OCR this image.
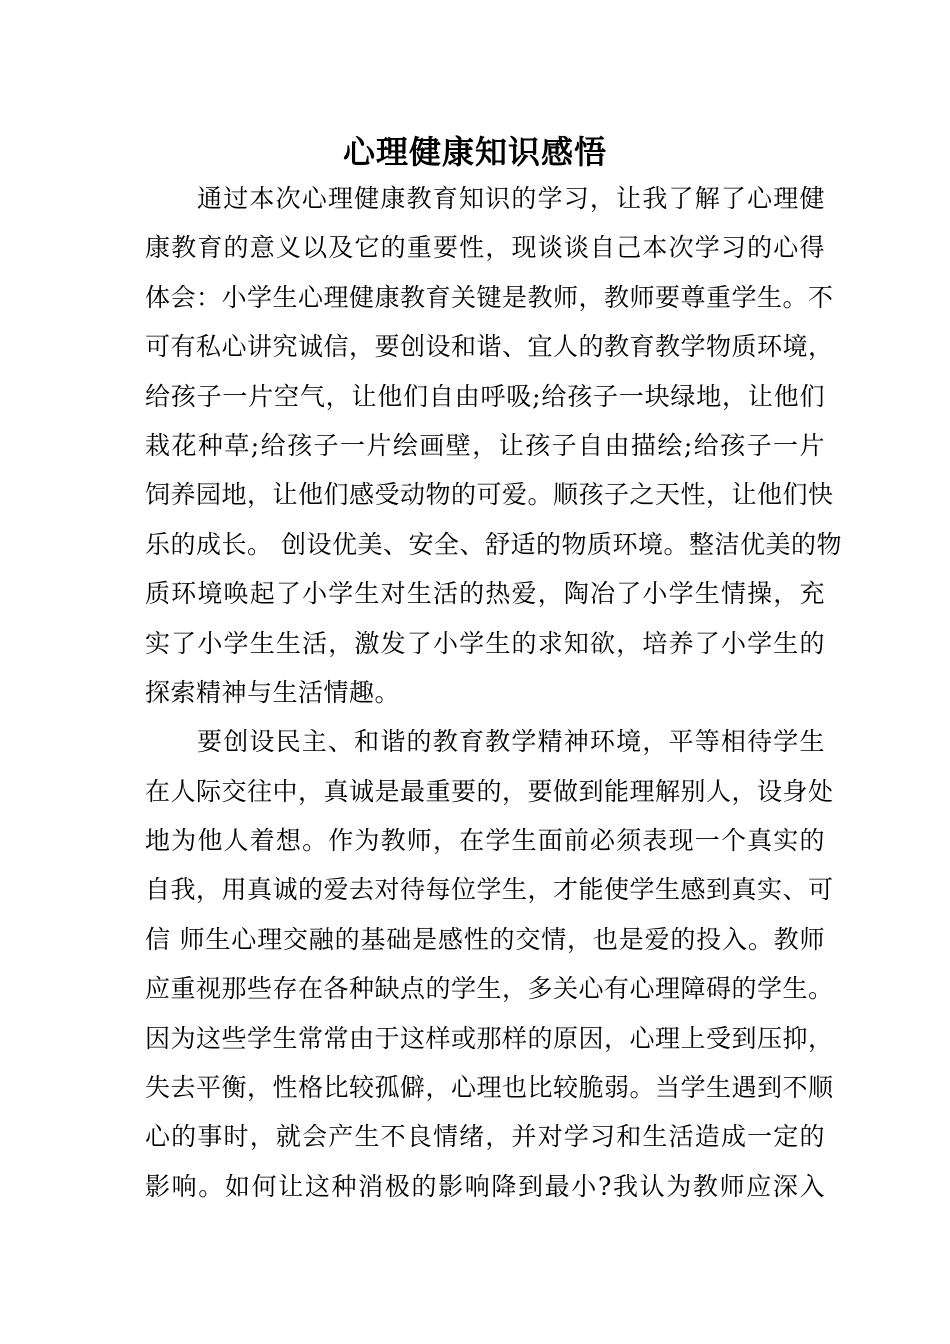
心理健康知识感悟
通过本次心理健康教育知识的学习，让我了解了心理健
康教育的意义以及它的重要性，现谈谈自己本次学习的心得
体会：小学生心理健康教育关键是教师，教师要尊重学生。不
可有私心讲究诚信，要创设和谐、宜人的教育教学物质环境，
给孩子一片空气，让他们自由呼吸;给孩子一块绿地，让他们
栽花种草;给孩子一片绘画壁，让孩子自由描绘;给孩子一片
饲养园地，让他们感受动物的可爱。顺孩子之天性，让他们快
乐的成长。 创设优美、安全、舒适的物质环境。整洁优美的物
质环境唤起了小学生对生活的热爱，陶冶了小学生情操，充
实了小学生生活，激发了小学生的求知欲，培养了小学生的
探索精神与生活情趣。
要创设民主、和谐的教育教学精神环境，平等相待学生
在人际交往中，真诚是最重要的，要做到能理解别人，设身处
地为他人着想。作为教师，在学生面前必须表现一个真实的
自我，用真诚的爱去对待每位学生，才能使学生感到真实、可
信 师生心理交融的基础是感性的交情，也是爱的投入。教师
应重视那些存在各种缺点的学生，多关心有心理障碍的学生。
因为这些学生常常由于这样或那样的原因，心理上受到压抑，
失去平衡，性格比较孤僻，心理也比较脆弱。当学生遇到不顺
心的事时，就会产生不良情绪，并对学习和生活造成一定的
影响。如何让这种消极的影响降到最小?我认为教师应深入
